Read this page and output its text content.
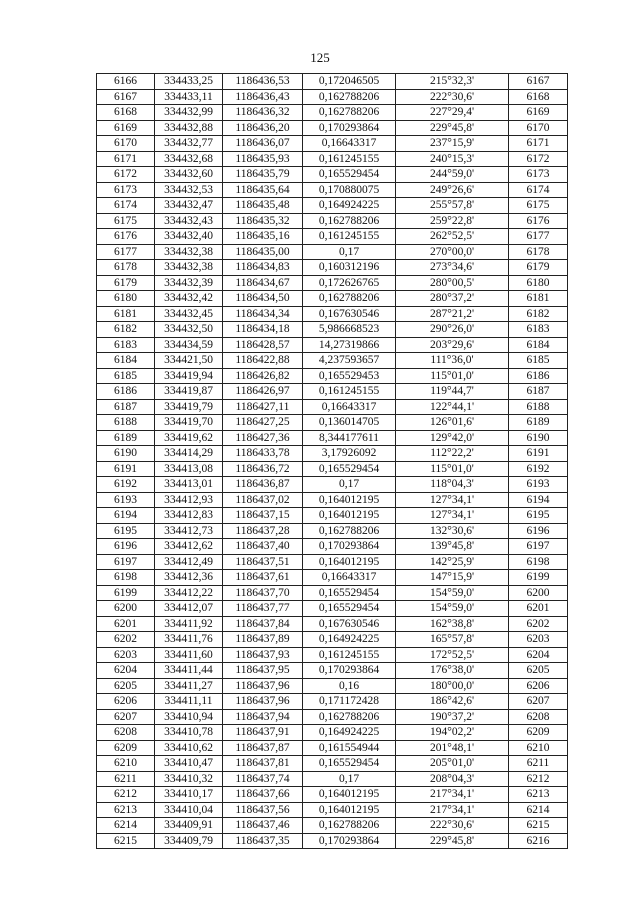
125
6166	334433,25	1186436,53	0,172046505	215°32,3'	6167
6167	334433,11	1186436,43	0,162788206	222°30,6'	6168
6168	334432,99	1186436,32	0,162788206	227°29,4'	6169
6169	334432,88	1186436,20	0,170293864	229°45,8'	6170
6170	334432,77	1186436,07	0,16643317	237°15,9'	6171
6171	334432,68	1186435,93	0,161245155	240°15,3'	6172
6172	334432,60	1186435,79	0,165529454	244°59,0'	6173
6173	334432,53	1186435,64	0,170880075	249°26,6'	6174
6174	334432,47	1186435,48	0,164924225	255°57,8'	6175
6175	334432,43	1186435,32	0,162788206	259°22,8'	6176
6176	334432,40	1186435,16	0,161245155	262°52,5'	6177
6177	334432,38	1186435,00	0,17	270°00,0'	6178
6178	334432,38	1186434,83	0,160312196	273°34,6'	6179
6179	334432,39	1186434,67	0,172626765	280°00,5'	6180
6180	334432,42	1186434,50	0,162788206	280°37,2'	6181
6181	334432,45	1186434,34	0,167630546	287°21,2'	6182
6182	334432,50	1186434,18	5,986668523	290°26,0'	6183
6183	334434,59	1186428,57	14,27319866	203°29,6'	6184
6184	334421,50	1186422,88	4,237593657	111°36,0'	6185
6185	334419,94	1186426,82	0,165529453	115°01,0'	6186
6186	334419,87	1186426,97	0,161245155	119°44,7'	6187
6187	334419,79	1186427,11	0,16643317	122°44,1'	6188
6188	334419,70	1186427,25	0,136014705	126°01,6'	6189
6189	334419,62	1186427,36	8,344177611	129°42,0'	6190
6190	334414,29	1186433,78	3,17926092	112°22,2'	6191
6191	334413,08	1186436,72	0,165529454	115°01,0'	6192
6192	334413,01	1186436,87	0,17	118°04,3'	6193
6193	334412,93	1186437,02	0,164012195	127°34,1'	6194
6194	334412,83	1186437,15	0,164012195	127°34,1'	6195
6195	334412,73	1186437,28	0,162788206	132°30,6'	6196
6196	334412,62	1186437,40	0,170293864	139°45,8'	6197
6197	334412,49	1186437,51	0,164012195	142°25,9'	6198
6198	334412,36	1186437,61	0,16643317	147°15,9'	6199
6199	334412,22	1186437,70	0,165529454	154°59,0'	6200
6200	334412,07	1186437,77	0,165529454	154°59,0'	6201
6201	334411,92	1186437,84	0,167630546	162°38,8'	6202
6202	334411,76	1186437,89	0,164924225	165°57,8'	6203
6203	334411,60	1186437,93	0,161245155	172°52,5'	6204
6204	334411,44	1186437,95	0,170293864	176°38,0'	6205
6205	334411,27	1186437,96	0,16	180°00,0'	6206
6206	334411,11	1186437,96	0,171172428	186°42,6'	6207
6207	334410,94	1186437,94	0,162788206	190°37,2'	6208
6208	334410,78	1186437,91	0,164924225	194°02,2'	6209
6209	334410,62	1186437,87	0,161554944	201°48,1'	6210
6210	334410,47	1186437,81	0,165529454	205°01,0'	6211
6211	334410,32	1186437,74	0,17	208°04,3'	6212
6212	334410,17	1186437,66	0,164012195	217°34,1'	6213
6213	334410,04	1186437,56	0,164012195	217°34,1'	6214
6214	334409,91	1186437,46	0,162788206	222°30,6'	6215
6215	334409,79	1186437,35	0,170293864	229°45,8'	6216
